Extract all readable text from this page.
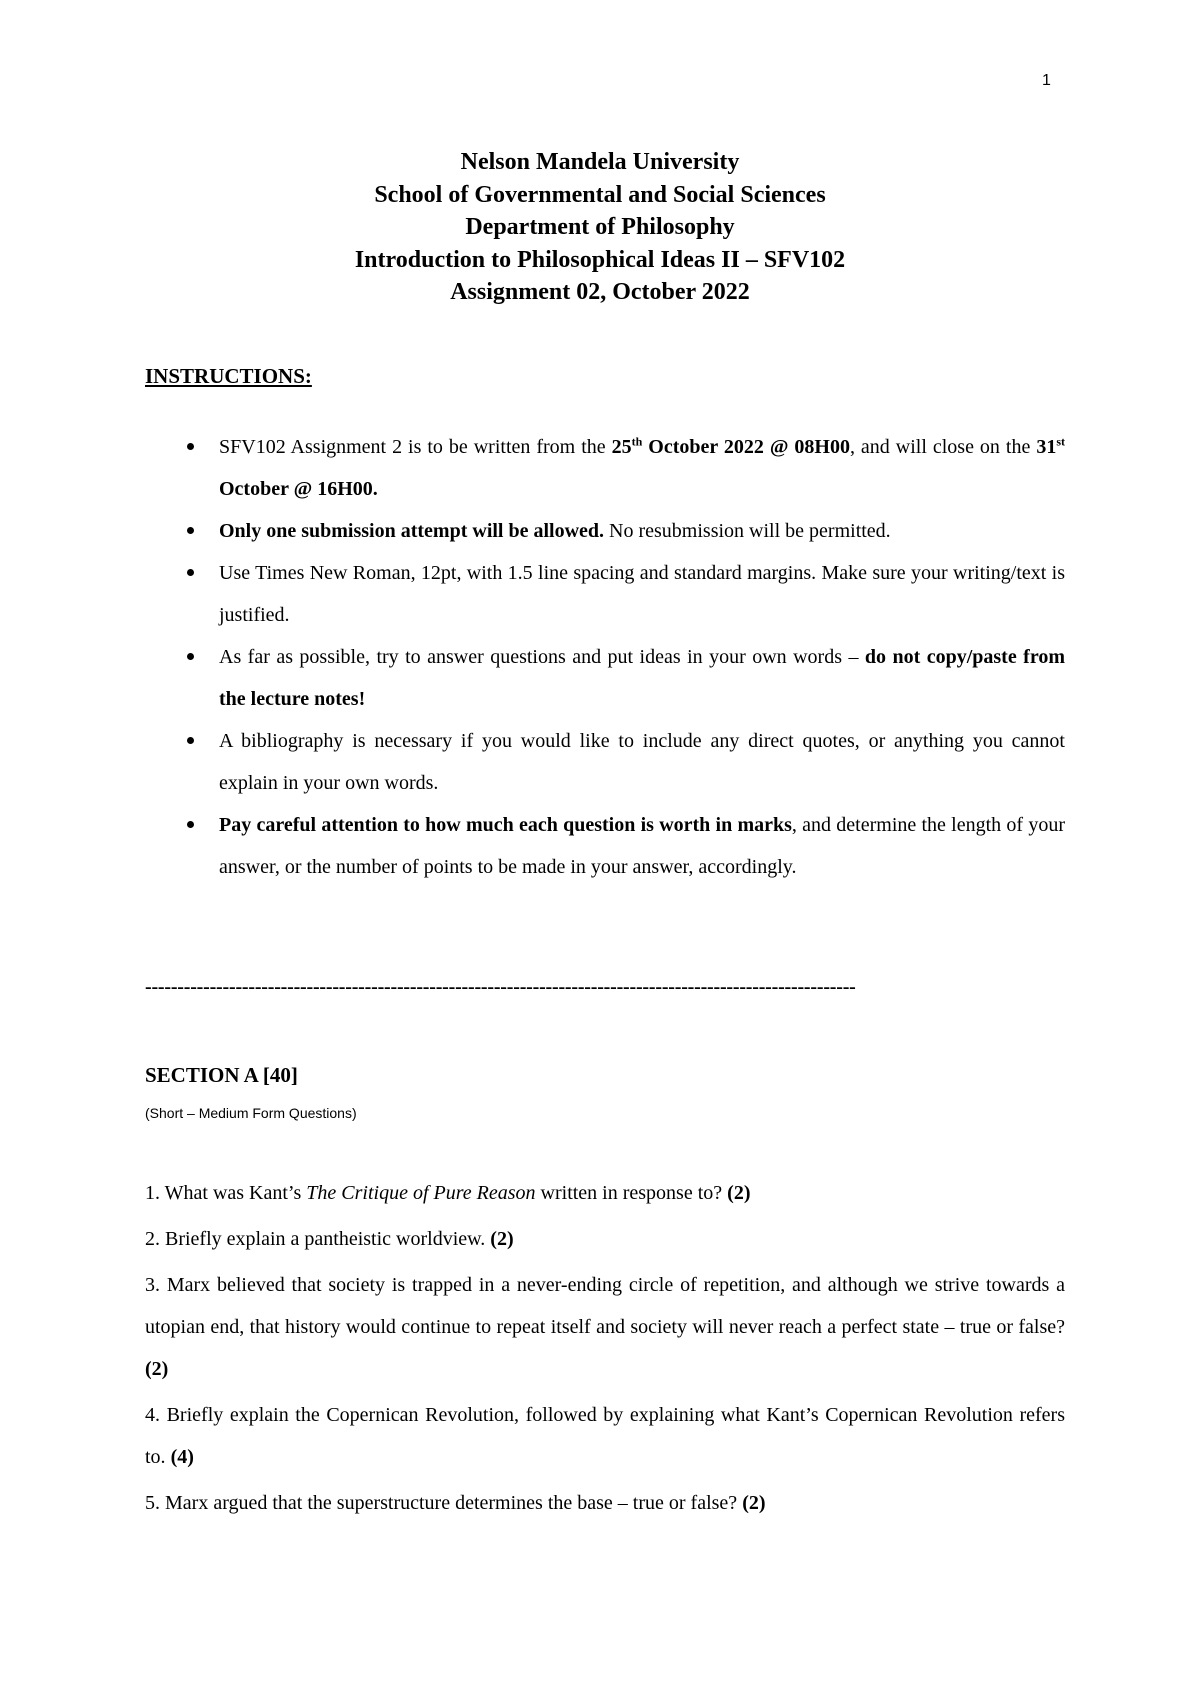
1
Nelson Mandela University
School of Governmental and Social Sciences
Department of Philosophy
Introduction to Philosophical Ideas II – SFV102
Assignment 02, October 2022
INSTRUCTIONS:
SFV102 Assignment 2 is to be written from the 25th October 2022 @ 08H00, and will close on the 31st October @ 16H00.
Only one submission attempt will be allowed. No resubmission will be permitted.
Use Times New Roman, 12pt, with 1.5 line spacing and standard margins. Make sure your writing/text is justified.
As far as possible, try to answer questions and put ideas in your own words – do not copy/paste from the lecture notes!
A bibliography is necessary if you would like to include any direct quotes, or anything you cannot explain in your own words.
Pay careful attention to how much each question is worth in marks, and determine the length of your answer, or the number of points to be made in your answer, accordingly.
--------------------------------------------------------------------------------------------------------------
SECTION A [40]
(Short – Medium Form Questions)
1. What was Kant’s The Critique of Pure Reason written in response to? (2)
2. Briefly explain a pantheistic worldview. (2)
3. Marx believed that society is trapped in a never-ending circle of repetition, and although we strive towards a utopian end, that history would continue to repeat itself and society will never reach a perfect state – true or false? (2)
4. Briefly explain the Copernican Revolution, followed by explaining what Kant’s Copernican Revolution refers to. (4)
5. Marx argued that the superstructure determines the base – true or false? (2)
